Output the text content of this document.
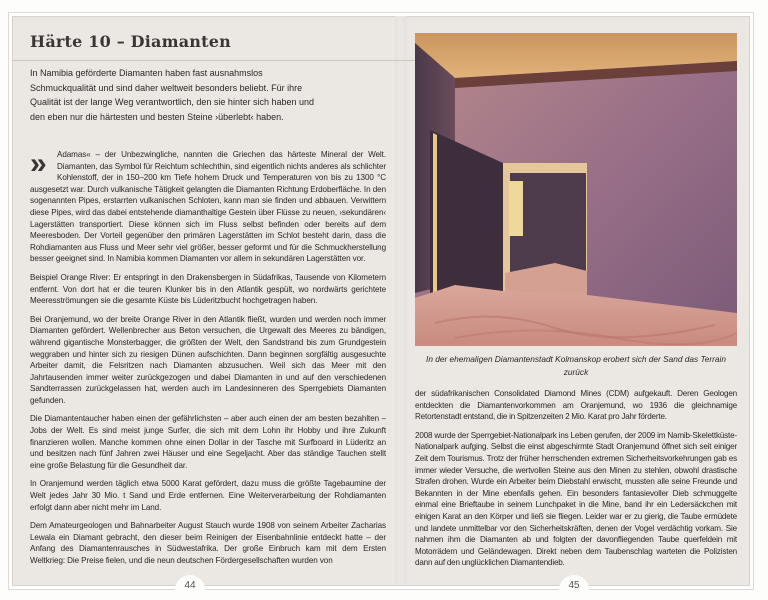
Härte 10 – Diamanten
In Namibia geförderte Diamanten haben fast ausnahmslos Schmuckqualität und sind daher weltweit besonders beliebt. Für ihre Qualität ist der lange Weg verantwortlich, den sie hinter sich haben und den eben nur die härtesten und besten Steine ›überlebt‹ haben.

»	Adamas« – der Unbezwingliche, nannten die Griechen das härteste Mineral der Welt. Diamanten, das Symbol für Reichtum schlechthin, sind eigentlich nichts anderes als schlichter Kohlenstoff, der in 150–200 km Tiefe hohem Druck und Temperaturen von bis zu 1300 °C ausgesetzt war. Durch vulkanische Tätigkeit gelangten die Diamanten Richtung Erdoberfläche. In den sogenannten Pipes, erstarrten vulkanischen Schloten, kann man sie finden und abbauen. Verwittern diese Pipes, wird das dabei entstehende diamanthaltige Gestein über Flüsse zu neuen, ›sekundären‹ Lagerstätten transportiert. Diese können sich im Fluss selbst befinden oder bereits auf dem Meeresboden. Der Vorteil gegenüber den primären Lagerstätten im Schlot besteht darin, dass die Rohdiamanten aus Fluss und Meer sehr viel größer, besser geformt und für die Schmuckherstellung besser geeignet sind. In Namibia kommen Diamanten vor allem in sekundären Lagerstätten vor.

Beispiel Orange River: Er entspringt in den Drakensbergen in Südafrikas, Tausende von Kilometern entfernt. Von dort hat er die teuren Klunker bis in den Atlantik gespült, wo nordwärts gerichtete Meeresströmungen sie die gesamte Küste bis Lüderitzbucht hochgetragen haben.

Bei Oranjemund, wo der breite Orange River in den Atlantik fließt, wurden und werden noch immer Diamanten gefördert. Wellenbrecher aus Beton versuchen, die Urgewalt des Meeres zu bändigen, während gigantische Monsterbagger, die größten der Welt, den Sandstrand bis zum Grundgestein weggraben und hinter sich zu riesigen Dünen aufschichten. Dann beginnen sorgfältig ausgesuchte Arbeiter damit, die Felsritzen nach Diamanten abzusuchen. Weil sich das Meer mit den Jahrtausenden immer weiter zurückgezogen und dabei Diamanten in und auf den verschiedenen Sandterrassen zurückgelassen hat, werden auch im Landesinneren des Sperrgebiets Diamanten gefunden.

Die Diamantentaucher haben einen der gefährlichsten – aber auch einen der am besten bezahlten – Jobs der Welt. Es sind meist junge Surfer, die sich mit dem Lohn ihr Hobby und ihre Zukunft finanzieren wollen. Manche kommen ohne einen Dollar in der Tasche mit Surfboard in Lüderitz an und besitzen nach fünf Jahren zwei Häuser und eine Segeljacht. Aber das ständige Tauchen stellt eine große Belastung für die Gesundheit dar.

In Oranjemund werden täglich etwa 5000 Karat gefördert, dazu muss die größte Tagebaumine der Welt jedes Jahr 30 Mio. t Sand und Erde entfernen. Eine Weiterverarbeitung der Rohdiamanten erfolgt dann aber nicht mehr im Land.

Dem Amateurgeologen und Bahnarbeiter August Stauch wurde 1908 von seinem Arbeiter Zacharias Lewala ein Diamant gebracht, den dieser beim Reinigen der Eisenbahnlinie entdeckt hatte – der Anfang des Diamantenrausches in Südwestafrika. Der große Einbruch kam mit dem Ersten Weltkrieg: Die Preise fielen, und die neun deutschen Fördergesellschaften wurden von

In der ehemaligen Diamantenstadt Kolmanskop erobert sich der Sand das Terrain zurück

der südafrikanischen Consolidated Diamond Mines (CDM) aufgekauft. Deren Geologen entdeckten die Diamantenvorkommen am Oranjemund, wo 1936 die gleichnamige Retortenstadt entstand, die in Spitzenzeiten 2 Mio. Karat pro Jahr förderte.

2008 wurde der Sperrgebiet-Nationalpark ins Leben gerufen, der 2009 im Namib-Skelettküste-Nationalpark aufging. Selbst die einst abgeschirmte Stadt Oranjemund öffnet sich seit einiger Zeit dem Tourismus. Trotz der früher herrschenden extremen Sicherheitsvorkehrungen gab es immer wieder Versuche, die wertvollen Steine aus den Minen zu stehlen, obwohl drastische Strafen drohen. Wurde ein Arbeiter beim Diebstahl erwischt, mussten alle seine Freunde und Bekannten in der Mine ebenfalls gehen. Ein besonders fantasievoller Dieb schmuggelte einmal eine Brieftaube in seinem Lunchpaket in die Mine, band ihr ein Ledersäckchen mit einigen Karat an den Körper und ließ sie fliegen. Leider war er zu gierig, die Taube ermüdete und landete unmittelbar vor den Sicherheitskräften, denen der Vogel verdächtig vorkam. Sie nahmen ihm die Diamanten ab und folgten der davonfliegenden Taube querfeldein mit Motorrädern und Geländewagen. Direkt neben dem Taubenschlag warteten die Polizisten dann auf den unglücklichen Diamantendieb.

44	45
